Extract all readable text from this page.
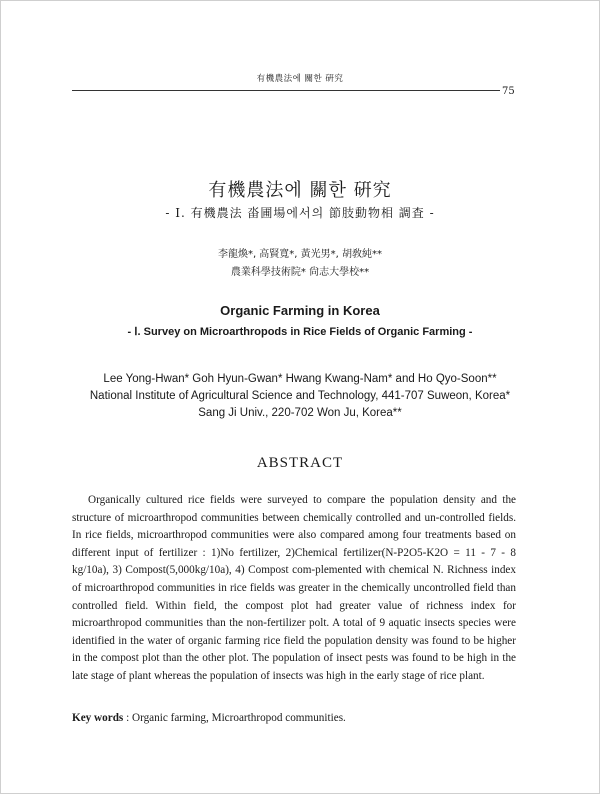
有機農法에 關한 硏究
75
有機農法에 關한 硏究
- Ⅰ. 有機農法 畓圃場에서의 節肢動物相 調査 -
李龍煥*, 高賢寬*, 黃光男*, 胡敎純**
農業科學技術院* 尙志大學校**
Organic Farming in Korea
- Ⅰ. Survey on Microarthropods in Rice Fields of Organic Farming -
Lee Yong-Hwan* Goh Hyun-Gwan* Hwang Kwang-Nam* and Ho Qyo-Soon**
National Institute of Agricultural Science and Technology, 441-707 Suweon, Korea*
Sang Ji Univ., 220-702 Won Ju, Korea**
ABSTRACT

Organically cultured rice fields were surveyed to compare the population density and the structure of microarthropod communities between chemically controlled and un-controlled fields. In rice fields, microarthropod communities were also compared among four treatments based on different input of fertilizer : 1)No fertilizer, 2)Chemical fertilizer(N-P2O5-K2O = 11 - 7 - 8 kg/10a), 3) Compost(5,000kg/10a), 4) Compost com-plemented with chemical N. Richness index of microarthropod communities in rice fields was greater in the chemically uncontrolled field than controlled field. Within field, the compost plot had greater value of richness index for microarthropod communities than the non-fertilizer polt. A total of 9 aquatic insects species were identified in the water of organic farming rice field the population density was found to be higher in the compost plot than the other plot. The population of insect pests was found to be high in the late stage of plant whereas the population of insects was high in the early stage of rice plant.

Key words : Organic farming, Microarthropod communities.
